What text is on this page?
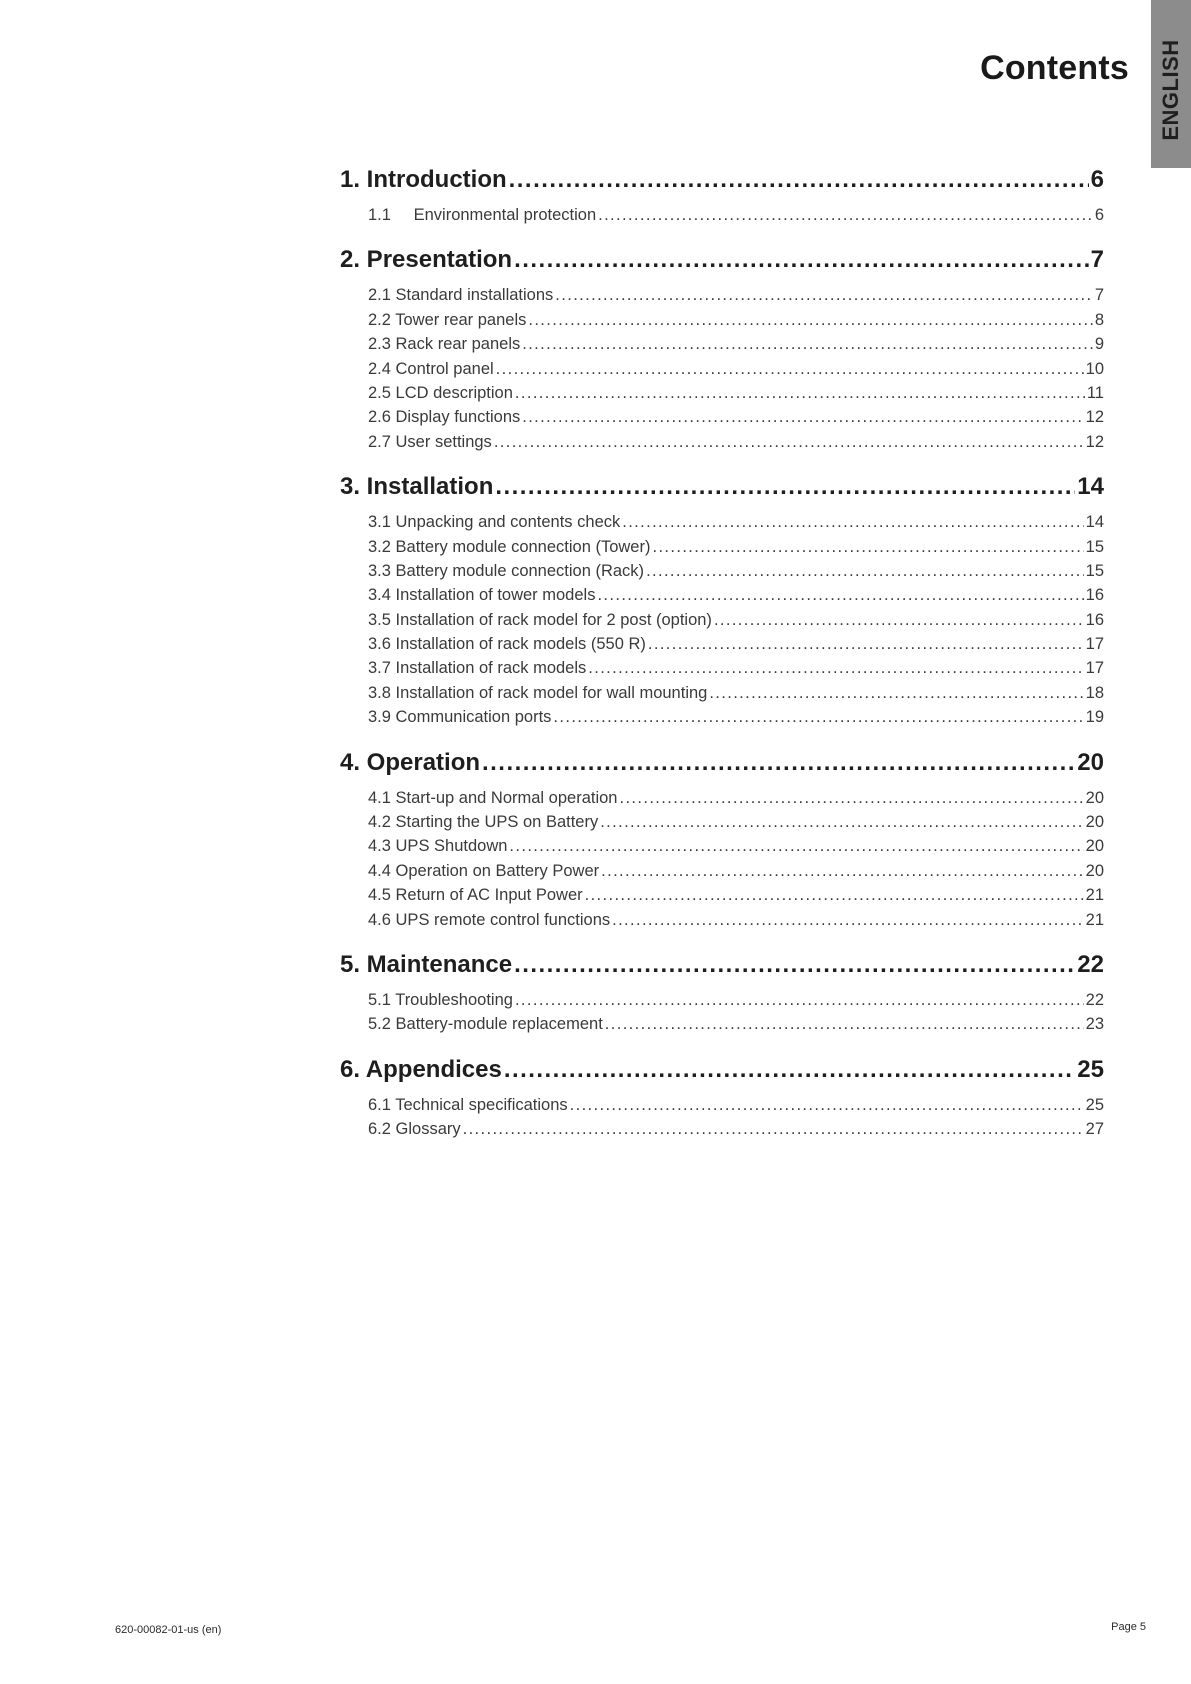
ENGLISH
Contents
1. Introduction . . .	6
1.1 Environmental protection . . .	6
2. Presentation . . .	7
2.1 Standard installations . . .	7
2.2 Tower rear panels . . .	8
2.3 Rack rear panels . . .	9
2.4 Control panel . . .	10
2.5 LCD description . . .	11
2.6 Display functions . . .	12
2.7 User settings . . .	12
3. Installation . . .	14
3.1 Unpacking and contents check . . .	14
3.2 Battery module connection (Tower) . . .	15
3.3 Battery module connection (Rack) . . .	15
3.4 Installation of tower models . . .	16
3.5 Installation of rack model for 2 post (option) . . .	16
3.6 Installation of rack models (550 R) . . .	17
3.7 Installation of rack models . . .	17
3.8 Installation of rack model for wall mounting . . .	18
3.9 Communication ports . . .	19
4. Operation . . .	20
4.1 Start-up and Normal operation . . .	20
4.2 Starting the UPS on Battery . . .	20
4.3 UPS Shutdown . . .	20
4.4 Operation on Battery Power . . .	20
4.5 Return of AC Input Power . . .	21
4.6 UPS remote control functions . . .	21
5. Maintenance . . .	22
5.1 Troubleshooting . . .	22
5.2 Battery-module replacement . . .	23
6. Appendices . . .	25
6.1 Technical specifications . . .	25
6.2 Glossary . . .	27
620-00082-01-us (en)	Page 5
